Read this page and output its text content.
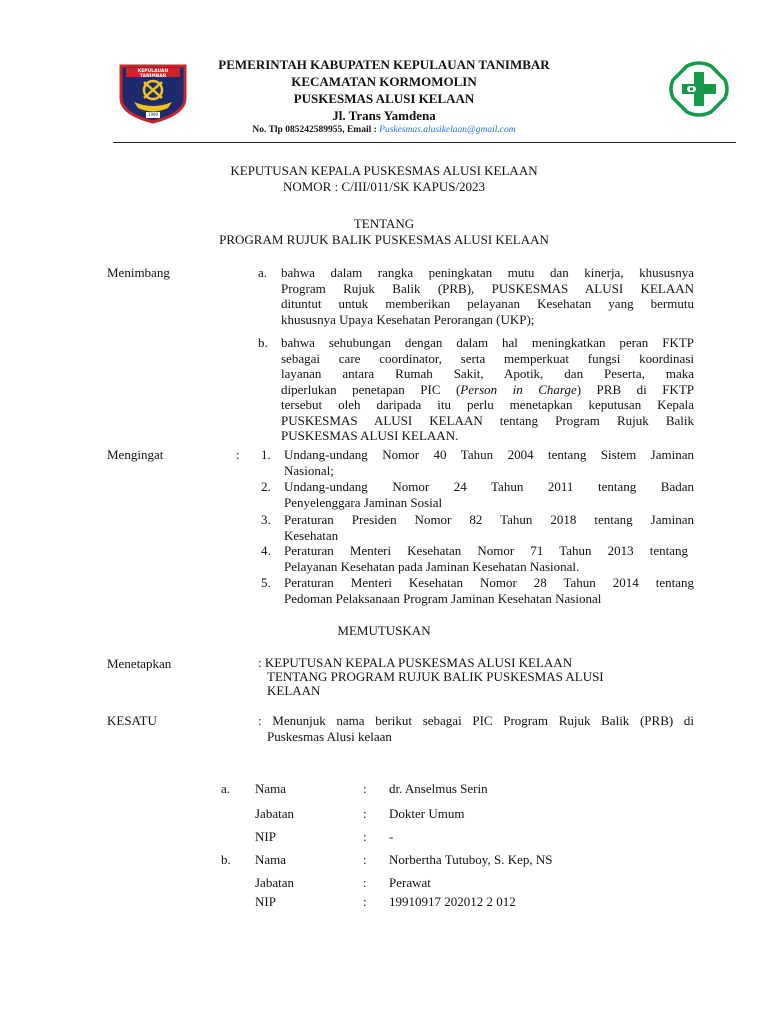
KEPULAUAN TANIMBAR
1999
PEMERINTAH KABUPATEN KEPULAUAN TANIMBAR
KECAMATAN KORMOMOLIN
PUSKESMAS ALUSI KELAAN
Jl. Trans Yamdena
No. Tlp 085242589955, Email : Puskesmas.alusikelaan@gmail.com
KEPUTUSAN KEPALA PUSKESMAS ALUSI KELAAN
NOMOR : C/III/011/SK KAPUS/2023
TENTANG
PROGRAM RUJUK BALIK PUSKESMAS ALUSI KELAAN
Menimbang	a. bahwa dalam rangka peningkatan mutu dan kinerja, khususnya
Program Rujuk Balik (PRB), PUSKESMAS ALUSI KELAAN
dituntut untuk memberikan pelayanan Kesehatan yang bermutu
khususnya Upaya Kesehatan Perorangan (UKP);
b. bahwa sehubungan dengan dalam hal meningkatkan peran FKTP
sebagai care coordinator, serta memperkuat fungsi koordinasi
layanan antara Rumah Sakit, Apotik, dan Peserta, maka
diperlukan penetapan PIC (Person in Charge) PRB di FKTP
tersebut oleh daripada itu perlu menetapkan keputusan Kepala
PUSKESMAS ALUSI KELAAN tentang Program Rujuk Balik
PUSKESMAS ALUSI KELAAN.
Mengingat	: 1. Undang-undang Nomor 40 Tahun 2004 tentang Sistem Jaminan
Nasional;
2. Undang-undang Nomor 24 Tahun 2011 tentang Badan
Penyelenggara Jaminan Sosial
3. Peraturan Presiden Nomor 82 Tahun 2018 tentang Jaminan
Kesehatan
4. Peraturan Menteri Kesehatan Nomor 71 Tahun 2013 tentang
Pelayanan Kesehatan pada Jaminan Kesehatan Nasional.
5. Peraturan Menteri Kesehatan Nomor 28 Tahun 2014 tentang
Pedoman Pelaksanaan Program Jaminan Kesehatan Nasional
MEMUTUSKAN
Menetapkan	: KEPUTUSAN KEPALA PUSKESMAS ALUSI KELAAN
TENTANG PROGRAM RUJUK BALIK PUSKESMAS ALUSI
KELAAN
KESATU	: Menunjuk nama berikut sebagai PIC Program Rujuk Balik (PRB) di
Puskesmas Alusi kelaan
a. Nama	: dr. Anselmus Serin
Jabatan	: Dokter Umum
NIP	: -
b. Nama	: Norbertha Tutuboy, S. Kep, NS
Jabatan	: Perawat
NIP	: 19910917 202012 2 012
